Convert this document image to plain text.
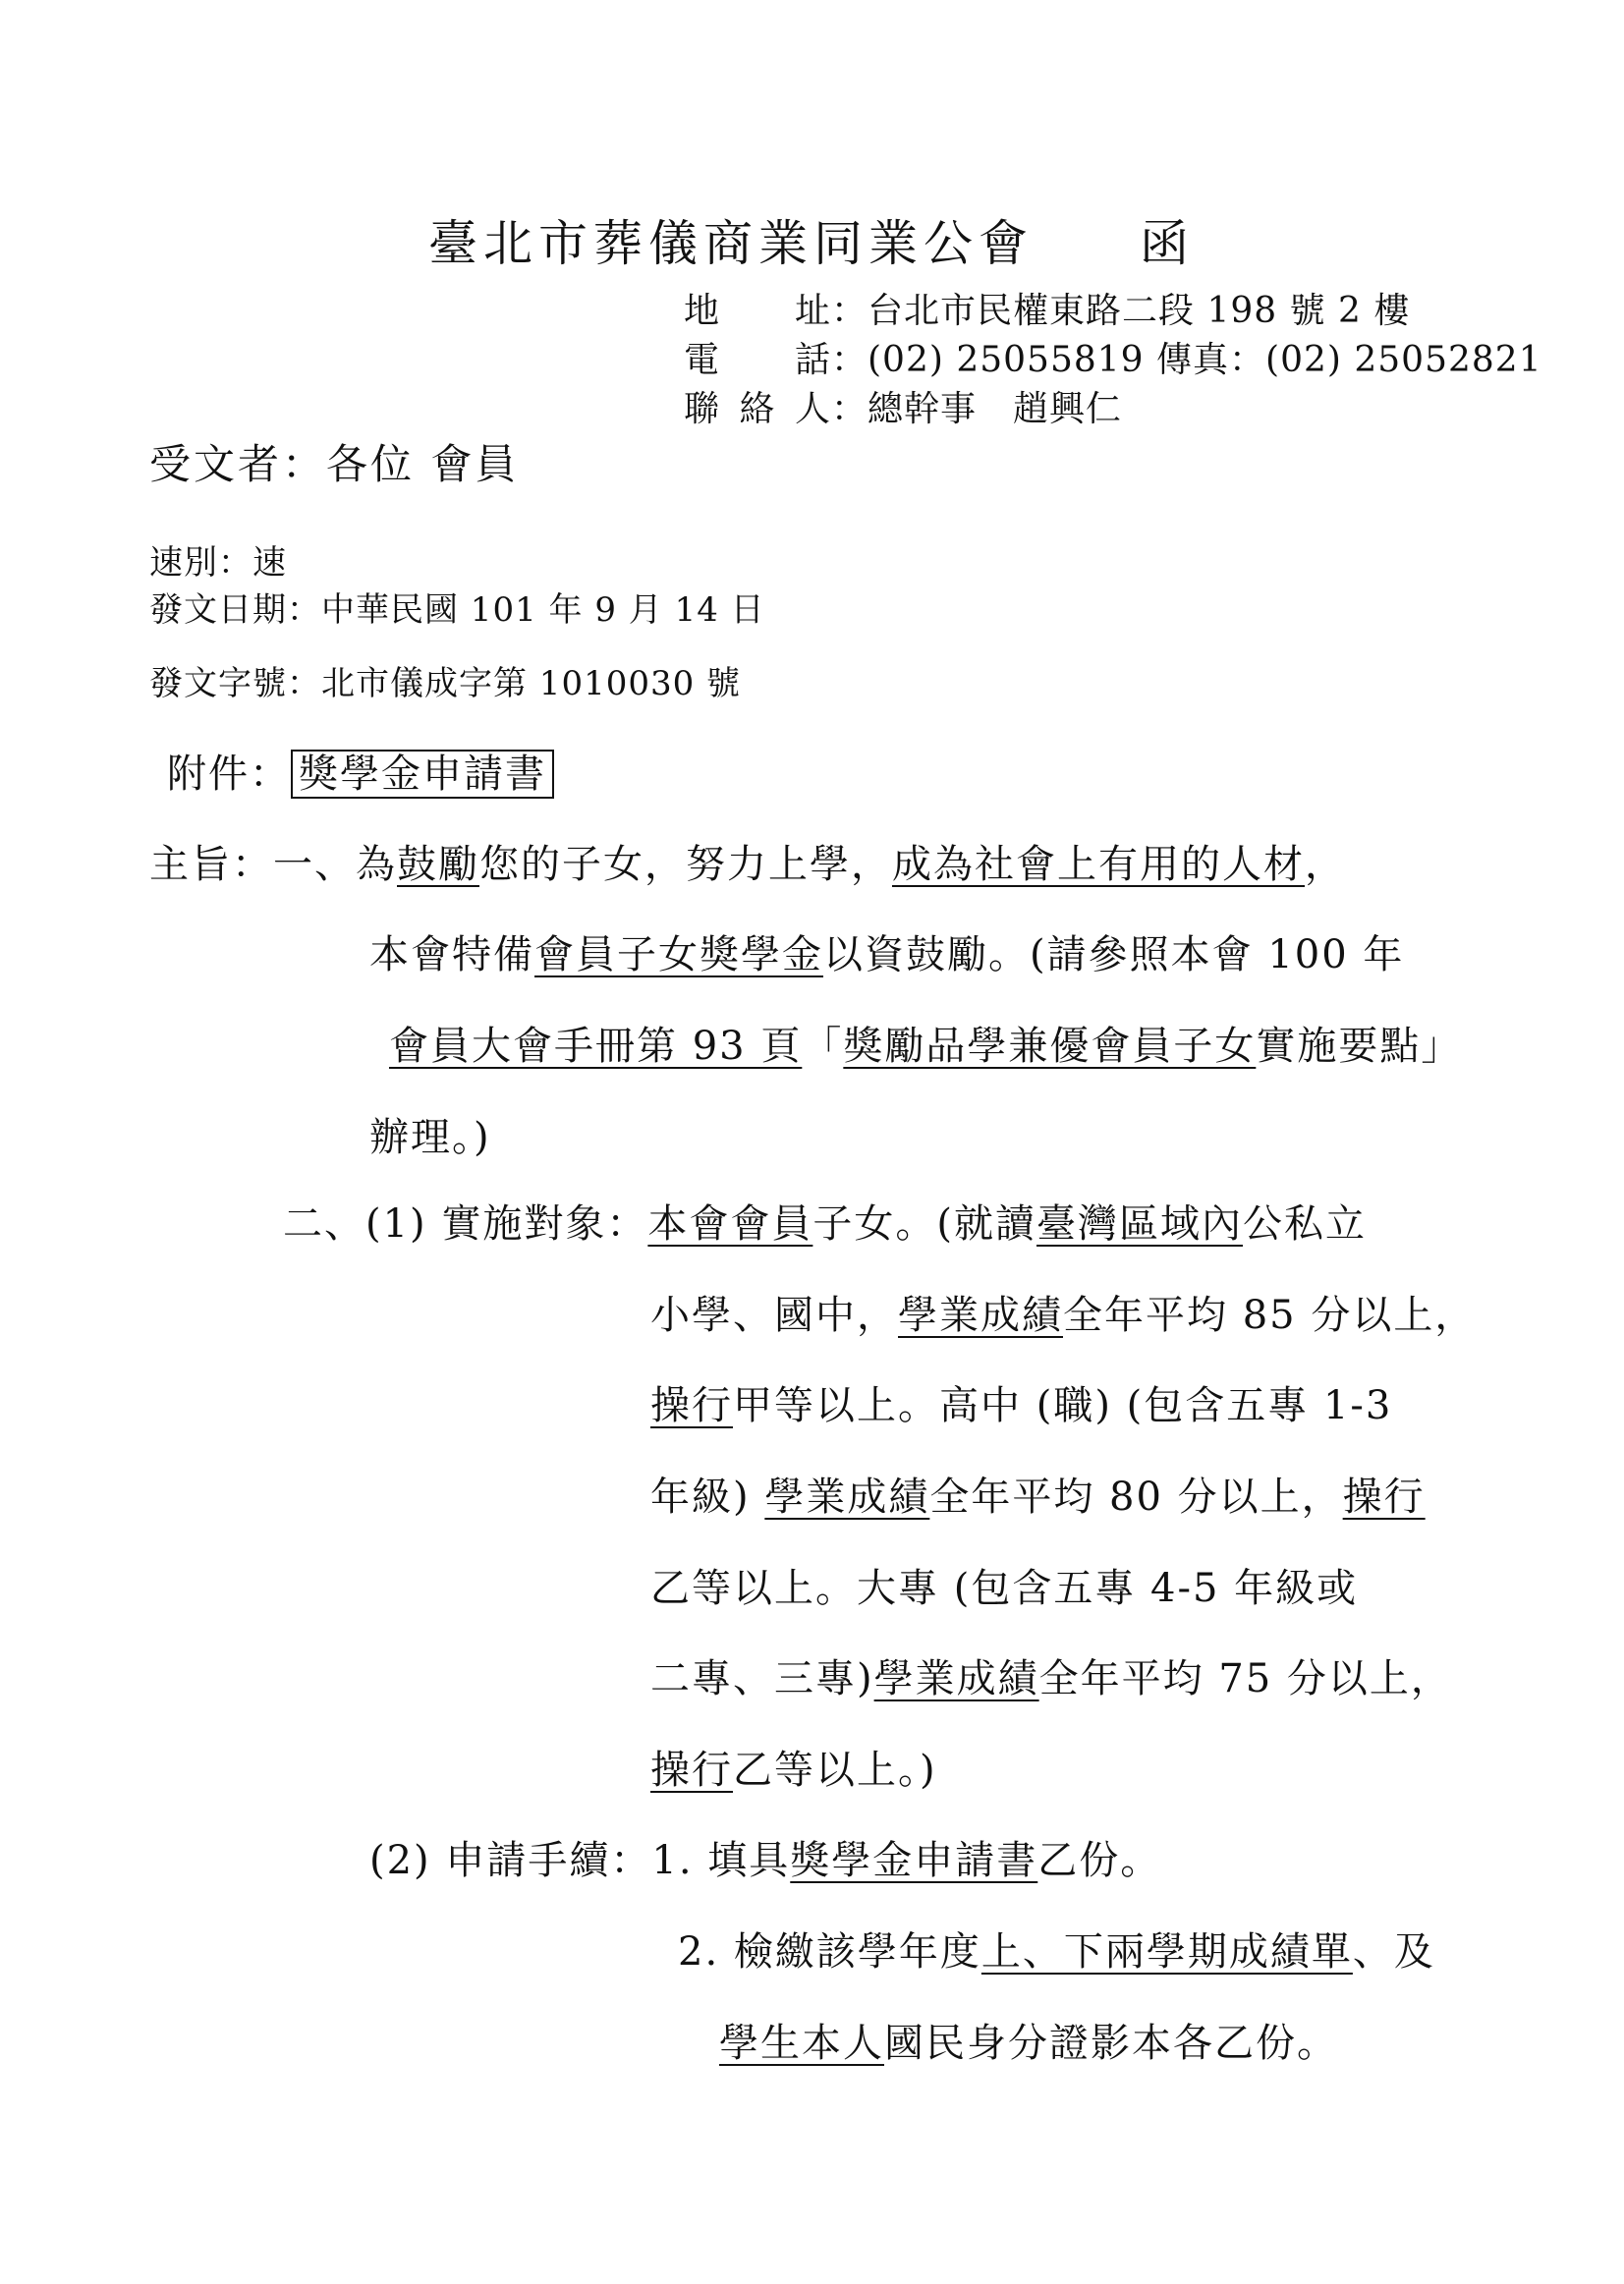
臺北市葬儀商業同業公會 函
地址：台北市民權東路二段 198 號 2 樓
電話：(02) 25055819 傳真：(02) 25052821
聯絡人：總幹事　趙興仁
受文者：各位 會員
速別：速
發文日期：中華民國 101 年 9 月 14 日
發文字號：北市儀成字第 1010030 號
附件： 獎學金申請書
主旨：一、為鼓勵您的子女，努力上學，成為社會上有用的人材，
本會特備會員子女獎學金以資鼓勵。(請參照本會 100 年
會員大會手冊第 93 頁「獎勵品學兼優會員子女實施要點」
辦理。)
二、(1) 實施對象：本會會員子女。(就讀臺灣區域內公私立
小學、國中，學業成績全年平均 85 分以上，
操行甲等以上。高中 (職) (包含五專 1-3
年級) 學業成績全年平均 80 分以上，操行
乙等以上。大專 (包含五專 4-5 年級或
二專、三專)學業成績全年平均 75 分以上，
操行乙等以上。)
(2) 申請手續：1. 填具獎學金申請書乙份。
2. 檢繳該學年度上、下兩學期成績單、及
學生本人國民身分證影本各乙份。
